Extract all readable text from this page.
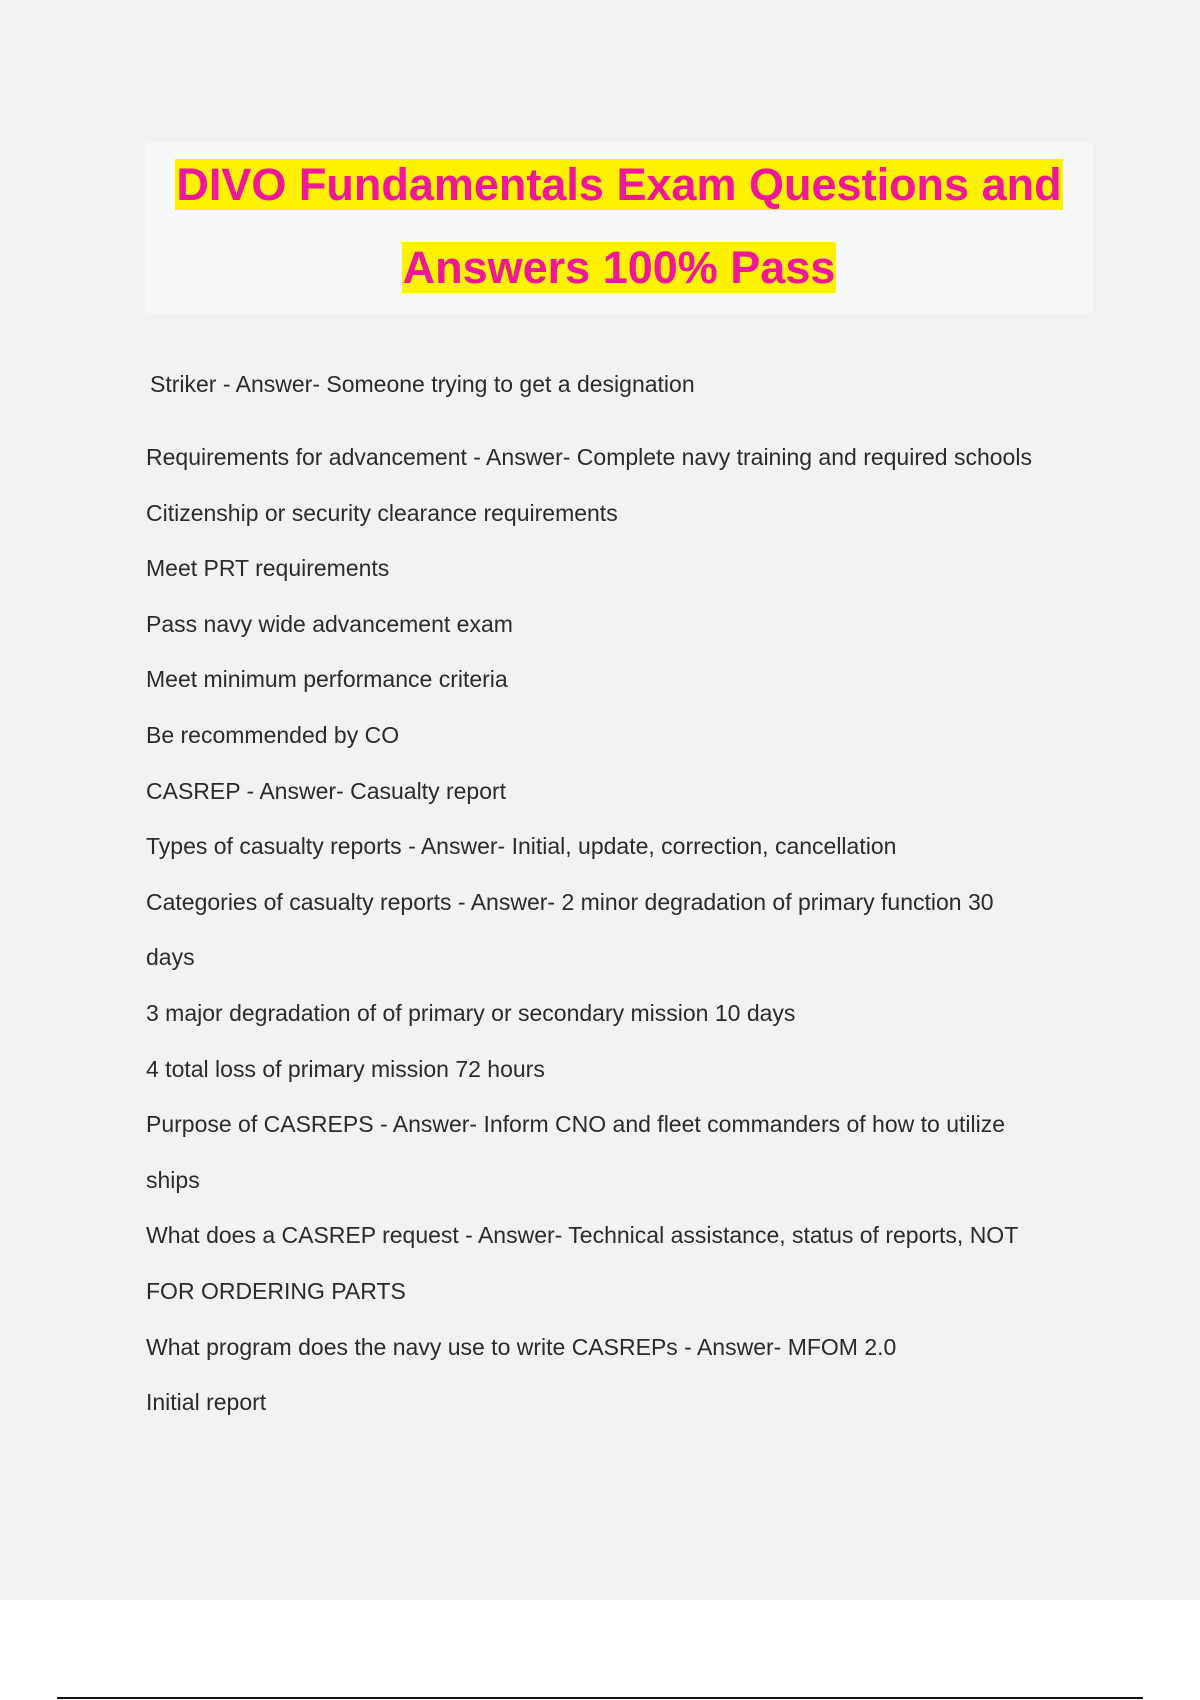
DIVO Fundamentals Exam Questions and
Answers 100% Pass
Striker - Answer- Someone trying to get a designation
Requirements for advancement - Answer- Complete navy training and required schools
Citizenship or security clearance requirements
Meet PRT requirements
Pass navy wide advancement exam
Meet minimum performance criteria
Be recommended by CO
CASREP - Answer- Casualty report
Types of casualty reports - Answer- Initial, update, correction, cancellation
Categories of casualty reports - Answer- 2 minor degradation of primary function 30
days
3 major degradation of of primary or secondary mission 10 days
4 total loss of primary mission 72 hours
Purpose of CASREPS - Answer- Inform CNO and fleet commanders of how to utilize
ships
What does a CASREP request - Answer- Technical assistance, status of reports, NOT
FOR ORDERING PARTS
What program does the navy use to write CASREPs - Answer- MFOM 2.0
Initial report
